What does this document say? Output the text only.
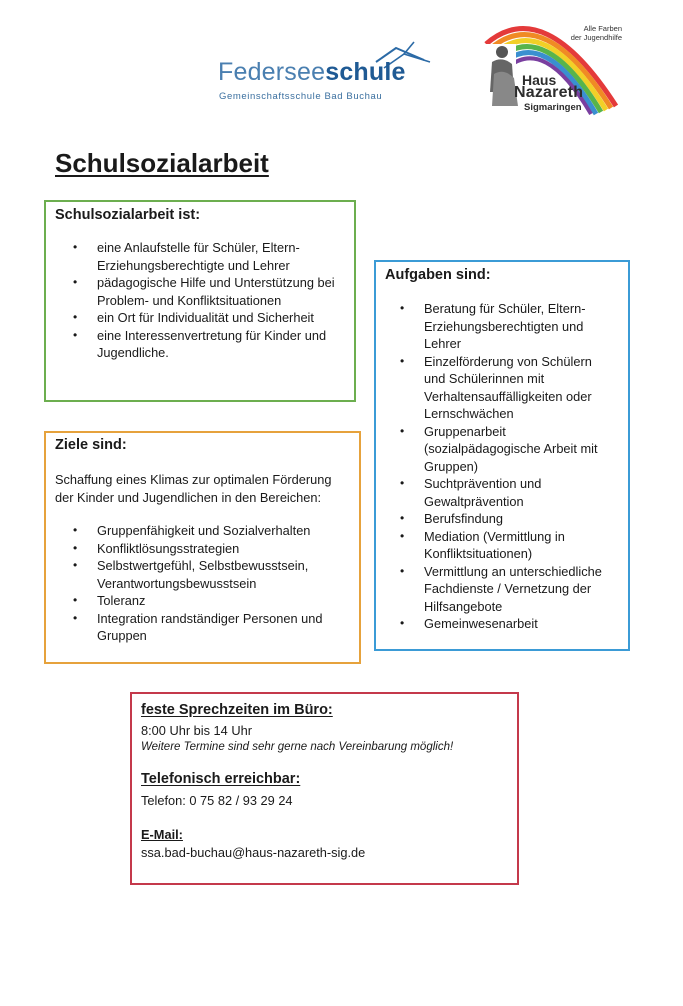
Federseeschule
Gemeinschaftsschule Bad Buchau
Alle Farben
der Jugendhilfe
Haus
Nazareth
Sigmaringen
Schulsozialarbeit
Schulsozialarbeit ist:
• eine Anlaufstelle für Schüler, Eltern-
Erziehungsberechtigte und Lehrer
• pädagogische Hilfe und Unterstützung bei
Problem- und Konfliktsituationen
• ein Ort für Individualität und Sicherheit
• eine Interessenvertretung für Kinder und
Jugendliche.
Ziele sind:

Schaffung eines Klimas zur optimalen Förderung
der Kinder und Jugendlichen in den Bereichen:

• Gruppenfähigkeit und Sozialverhalten
• Konfliktlösungsstrategien
• Selbstwertgefühl, Selbstbewusstsein,
Verantwortungsbewusstsein
• Toleranz
• Integration randständiger Personen und
Gruppen
Aufgaben sind:
• Beratung für Schüler, Eltern-
Erziehungsberechtigten und
Lehrer
• Einzelförderung von Schülern
und Schülerinnen mit
Verhaltensauffälligkeiten oder
Lernschwächen
• Gruppenarbeit
(sozialpädagogische Arbeit mit
Gruppen)
• Suchtprävention und
Gewaltprävention
• Berufsfindung
• Mediation (Vermittlung in
Konfliktsituationen)
• Vermittlung an unterschiedliche
Fachdienste / Vernetzung der
Hilfsangebote
• Gemeinwesenarbeit
feste Sprechzeiten im Büro:

8:00 Uhr bis 14 Uhr

Weitere Termine sind sehr gerne nach Vereinbarung möglich!

Telefonisch erreichbar:

Telefon: 0 75 82 / 93 29 24

E-Mail:

ssa.bad-buchau@haus-nazareth-sig.de
